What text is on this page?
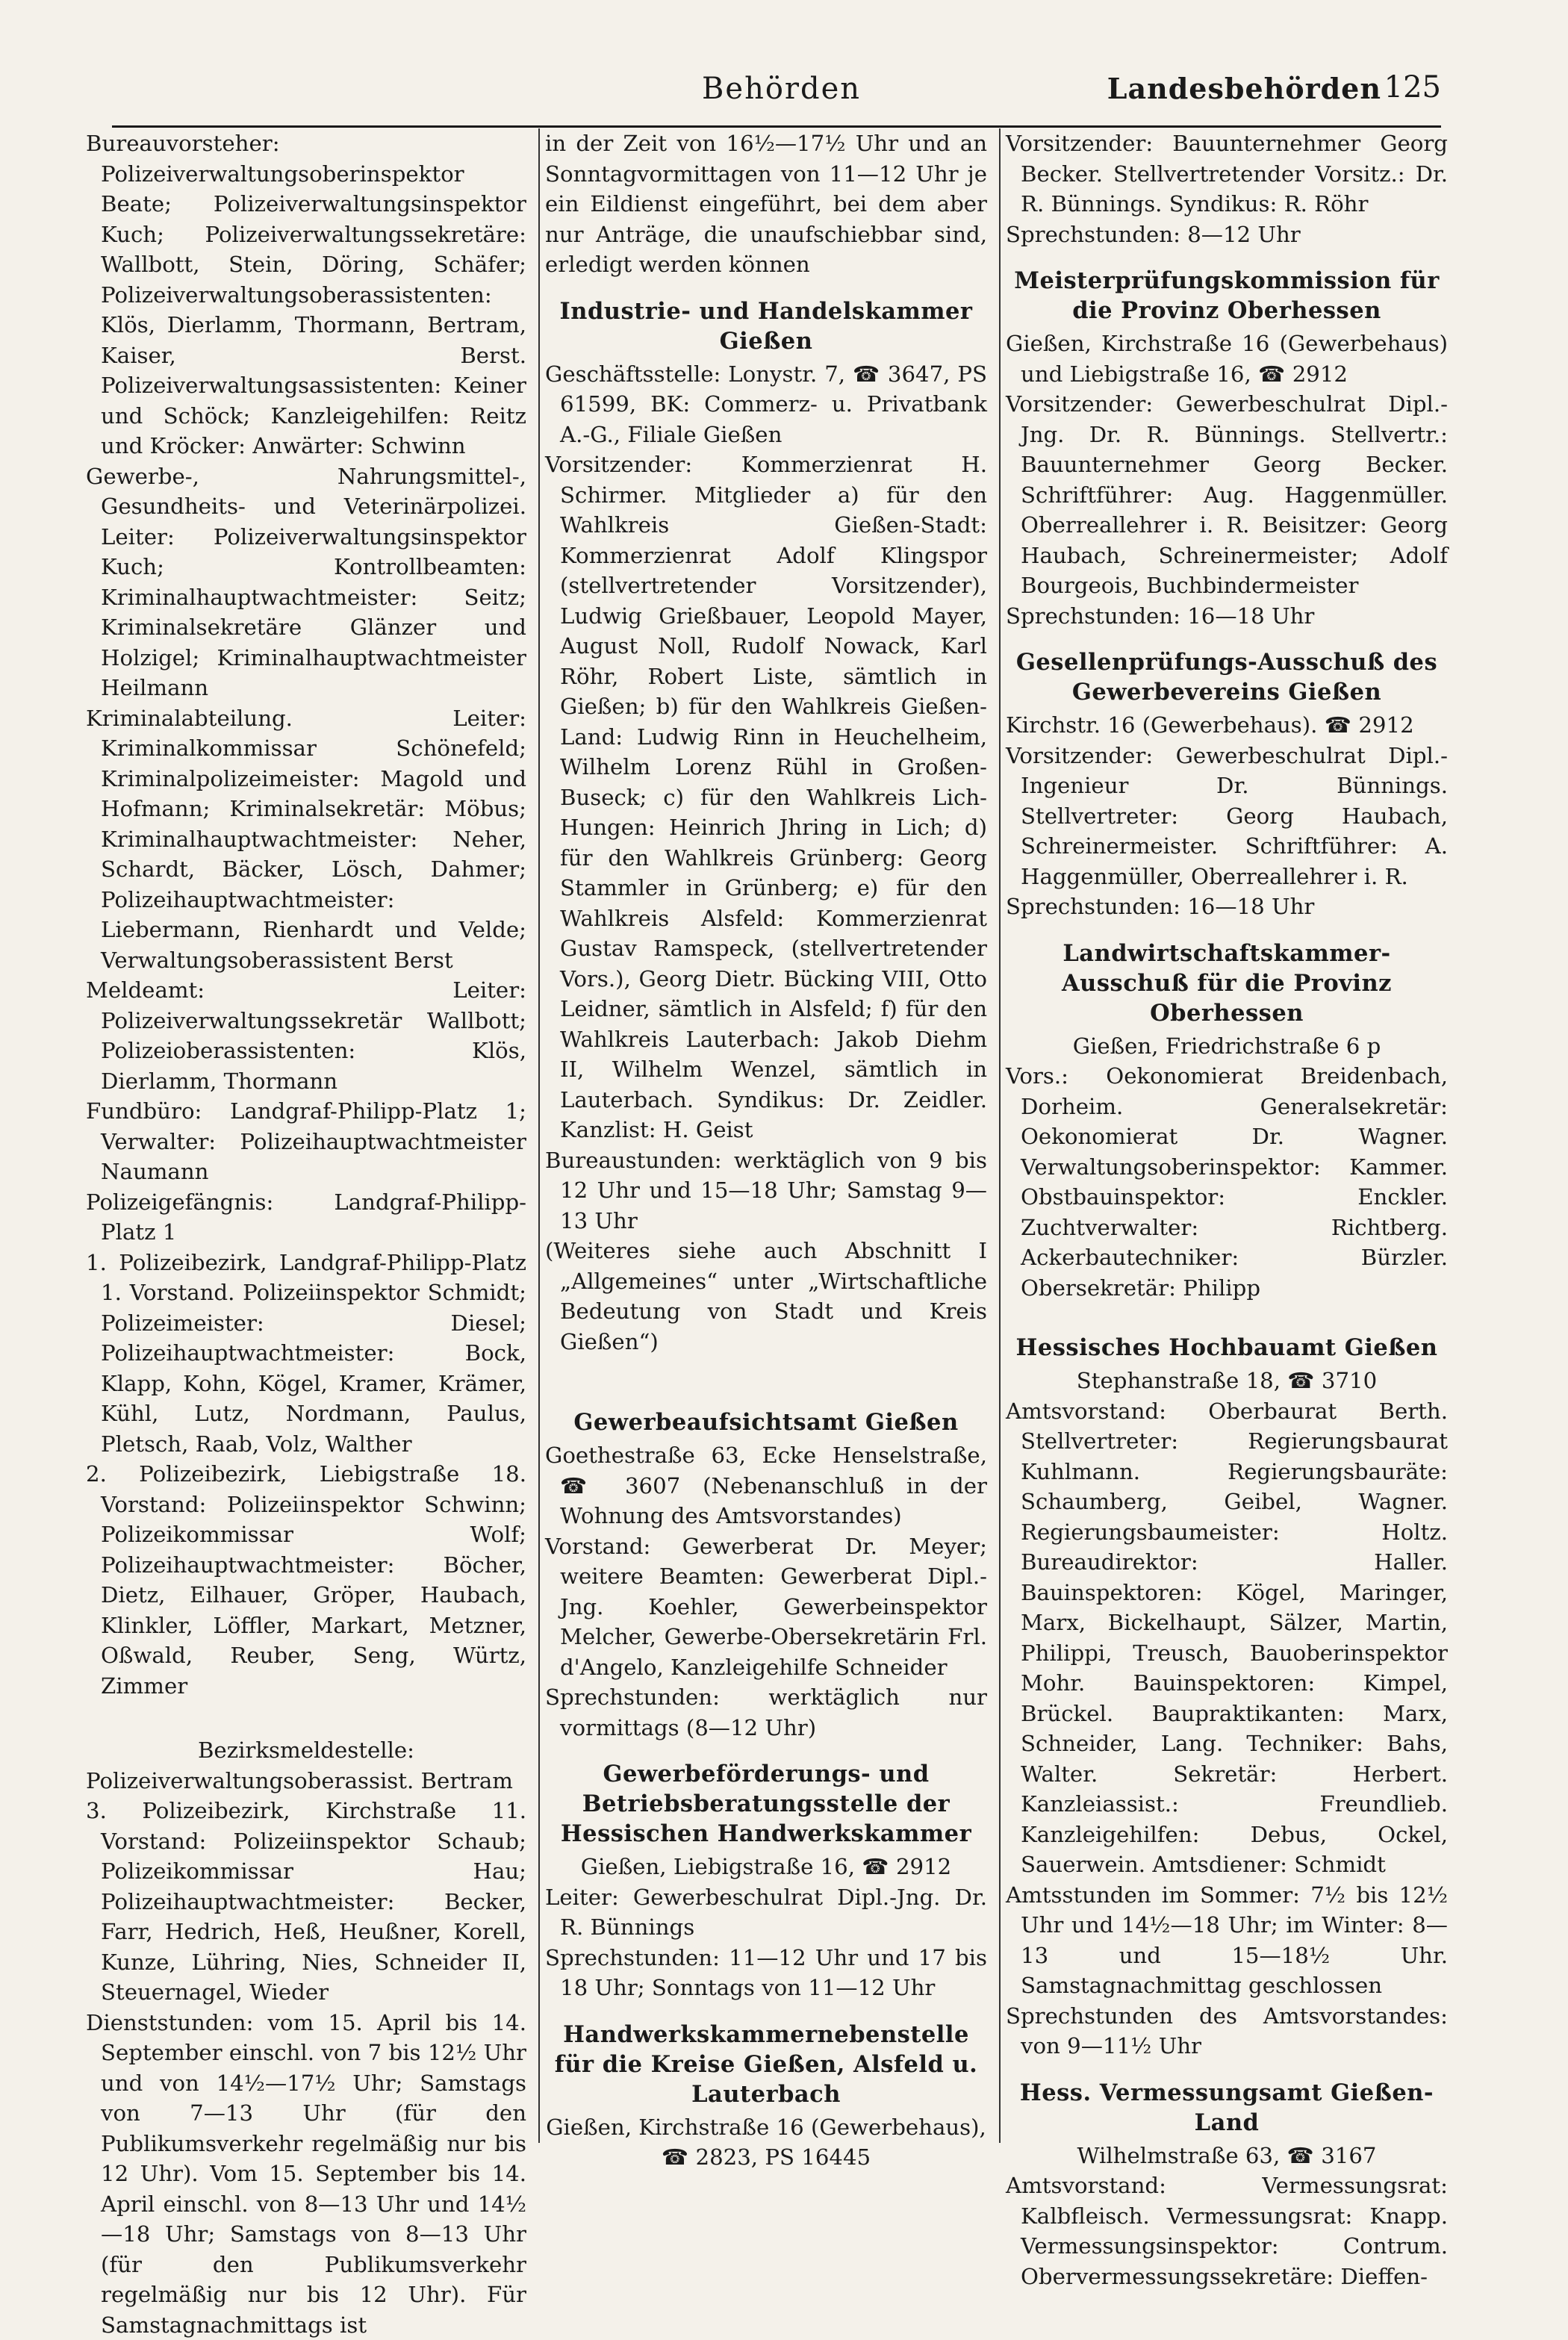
Behörden	Landesbehörden 125

Bureauvorsteher: Polizeiverwaltungsoberinspektor Beate; Polizeiverwaltungsinspektor Kuch; Polizeiverwaltungssekretäre: Wallbott, Stein, Döring, Schäfer; Polizeiverwaltungsoberassistenten: Klös, Dierlamm, Thormann, Bertram, Kaiser, Berst. Polizeiverwaltungsassistenten: Keiner und Schöck; Kanzleigehilfen: Reitz und Kröcker: Anwärter: Schwinn

Gewerbe-, Nahrungsmittel-, Gesundheits- und Veterinärpolizei. Leiter: Polizeiverwaltungsinspektor Kuch; Kontrollbeamten: Kriminalhauptwachtmeister: Seitz; Kriminalsekretäre Glänzer und Holzigel; Kriminalhauptwachtmeister Heilmann

Kriminalabteilung. Leiter: Kriminalkommissar Schönefeld; Kriminalpolizeimeister: Magold und Hofmann; Kriminalsekretär: Möbus; Kriminalhauptwachtmeister: Neher, Schardt, Bäcker, Lösch, Dahmer; Polizeihauptwachtmeister: Liebermann, Rienhardt und Velde; Verwaltungsoberassistent Berst

Meldeamt: Leiter: Polizeiverwaltungssekretär Wallbott; Polizeioberassistenten: Klös, Dierlamm, Thormann

Fundbüro: Landgraf-Philipp-Platz 1; Verwalter: Polizeihauptwachtmeister Naumann

Polizeigefängnis: Landgraf-Philipp-Platz 1

1. Polizeibezirk, Landgraf-Philipp-Platz 1. Vorstand. Polizeiinspektor Schmidt; Polizeimeister: Diesel; Polizeihauptwachtmeister: Bock, Klapp, Kohn, Kögel, Kramer, Krämer, Kühl, Lutz, Nordmann, Paulus, Pletsch, Raab, Volz, Walther

2. Polizeibezirk, Liebigstraße 18. Vorstand: Polizeiinspektor Schwinn; Polizeikommissar Wolf; Polizeihauptwachtmeister: Böcher, Dietz, Eilhauer, Gröper, Haubach, Klinkler, Löffler, Markart, Metzner, Oßwald, Reuber, Seng, Würtz, Zimmer

Bezirksmeldestelle:

Polizeiverwaltungsoberassist. Bertram

3. Polizeibezirk, Kirchstraße 11. Vorstand: Polizeiinspektor Schaub; Polizeikommissar Hau; Polizeihauptwachtmeister: Becker, Farr, Hedrich, Heß, Heußner, Korell, Kunze, Lühring, Nies, Schneider II, Steuernagel, Wieder

Dienststunden: vom 15. April bis 14. September einschl. von 7 bis 12½ Uhr und von 14½—17½ Uhr; Samstags von 7—13 Uhr (für den Publikumsverkehr regelmäßig nur bis 12 Uhr). Vom 15. September bis 14. April einschl. von 8—13 Uhr und 14½—18 Uhr; Samstags von 8—13 Uhr (für den Publikumsverkehr regelmäßig nur bis 12 Uhr). Für Samstagnachmittags ist

in der Zeit von 16½—17½ Uhr und an Sonntagvormittagen von 11—12 Uhr je ein Eildienst eingeführt, bei dem aber nur Anträge, die unaufschiebbar sind, erledigt werden können

Industrie- und Handelskammer Gießen

Geschäftsstelle: Lonystr. 7, ☎ 3647, PS 61599, BK: Commerz- u. Privatbank A.-G., Filiale Gießen

Vorsitzender: Kommerzienrat H. Schirmer. Mitglieder a) für den Wahlkreis Gießen-Stadt: Kommerzienrat Adolf Klingspor (stellvertretender Vorsitzender), Ludwig Grießbauer, Leopold Mayer, August Noll, Rudolf Nowack, Karl Röhr, Robert Liste, sämtlich in Gießen; b) für den Wahlkreis Gießen-Land: Ludwig Rinn in Heuchelheim, Wilhelm Lorenz Rühl in Großen-Buseck; c) für den Wahlkreis Lich-Hungen: Heinrich Jhring in Lich; d) für den Wahlkreis Grünberg: Georg Stammler in Grünberg; e) für den Wahlkreis Alsfeld: Kommerzienrat Gustav Ramspeck, (stellvertretender Vors.), Georg Dietr. Bücking VIII, Otto Leidner, sämtlich in Alsfeld; f) für den Wahlkreis Lauterbach: Jakob Diehm II, Wilhelm Wenzel, sämtlich in Lauterbach. Syndikus: Dr. Zeidler. Kanzlist: H. Geist

Bureaustunden: werktäglich von 9 bis 12 Uhr und 15—18 Uhr; Samstag 9—13 Uhr

(Weiteres siehe auch Abschnitt I „Allgemeines“ unter „Wirtschaftliche Bedeutung von Stadt und Kreis Gießen“)

Gewerbeaufsichtsamt Gießen

Goethestraße 63, Ecke Henselstraße, ☎ 3607 (Nebenanschluß in der Wohnung des Amtsvorstandes)

Vorstand: Gewerberat Dr. Meyer; weitere Beamten: Gewerberat Dipl.-Jng. Koehler, Gewerbeinspektor Melcher, Gewerbe-Obersekretärin Frl. d'Angelo, Kanzleigehilfe Schneider

Sprechstunden: werktäglich nur vormittags (8—12 Uhr)

Gewerbeförderungs- und Betriebsberatungsstelle der Hessischen Handwerkskammer

Gießen, Liebigstraße 16, ☎ 2912

Leiter: Gewerbeschulrat Dipl.-Jng. Dr. R. Bünnings

Sprechstunden: 11—12 Uhr und 17 bis 18 Uhr; Sonntags von 11—12 Uhr

Handwerkskammernebenstelle für die Kreise Gießen, Alsfeld u. Lauterbach

Gießen, Kirchstraße 16 (Gewerbehaus), ☎ 2823, PS 16445

Vorsitzender: Bauunternehmer Georg Becker. Stellvertretender Vorsitz.: Dr. R. Bünnings. Syndikus: R. Röhr

Sprechstunden: 8—12 Uhr

Meisterprüfungskommission für die Provinz Oberhessen

Gießen, Kirchstraße 16 (Gewerbehaus) und Liebigstraße 16, ☎ 2912

Vorsitzender: Gewerbeschulrat Dipl.-Jng. Dr. R. Bünnings. Stellvertr.: Bauunternehmer Georg Becker. Schriftführer: Aug. Haggenmüller. Oberreallehrer i. R. Beisitzer: Georg Haubach, Schreinermeister; Adolf Bourgeois, Buchbindermeister

Sprechstunden: 16—18 Uhr

Gesellenprüfungs-Ausschuß des Gewerbevereins Gießen

Kirchstr. 16 (Gewerbehaus). ☎ 2912

Vorsitzender: Gewerbeschulrat Dipl.-Ingenieur Dr. Bünnings. Stellvertreter: Georg Haubach, Schreinermeister. Schriftführer: A. Haggenmüller, Oberreallehrer i. R.

Sprechstunden: 16—18 Uhr

Landwirtschaftskammer-Ausschuß für die Provinz Oberhessen

Gießen, Friedrichstraße 6 p

Vors.: Oekonomierat Breidenbach, Dorheim. Generalsekretär: Oekonomierat Dr. Wagner. Verwaltungsoberinspektor: Kammer. Obstbauinspektor: Enckler. Zuchtverwalter: Richtberg. Ackerbautechniker: Bürzler. Obersekretär: Philipp

Hessisches Hochbauamt Gießen

Stephanstraße 18, ☎ 3710

Amtsvorstand: Oberbaurat Berth. Stellvertreter: Regierungsbaurat Kuhlmann. Regierungsbauräte: Schaumberg, Geibel, Wagner. Regierungsbaumeister: Holtz. Bureaudirektor: Haller. Bauinspektoren: Kögel, Maringer, Marx, Bickelhaupt, Sälzer, Martin, Philippi, Treusch, Bauoberinspektor Mohr. Bauinspektoren: Kimpel, Brückel. Baupraktikanten: Marx, Schneider, Lang. Techniker: Bahs, Walter. Sekretär: Herbert. Kanzleiassist.: Freundlieb. Kanzleigehilfen: Debus, Ockel, Sauerwein. Amtsdiener: Schmidt

Amtsstunden im Sommer: 7½ bis 12½ Uhr und 14½—18 Uhr; im Winter: 8—13 und 15—18½ Uhr. Samstagnachmittag geschlossen

Sprechstunden des Amtsvorstandes: von 9—11½ Uhr

Hess. Vermessungsamt Gießen-Land

Wilhelmstraße 63, ☎ 3167

Amtsvorstand: Vermessungsrat: Kalbfleisch. Vermessungsrat: Knapp. Vermessungsinspektor: Contrum. Obervermessungssekretäre: Dieffen-
